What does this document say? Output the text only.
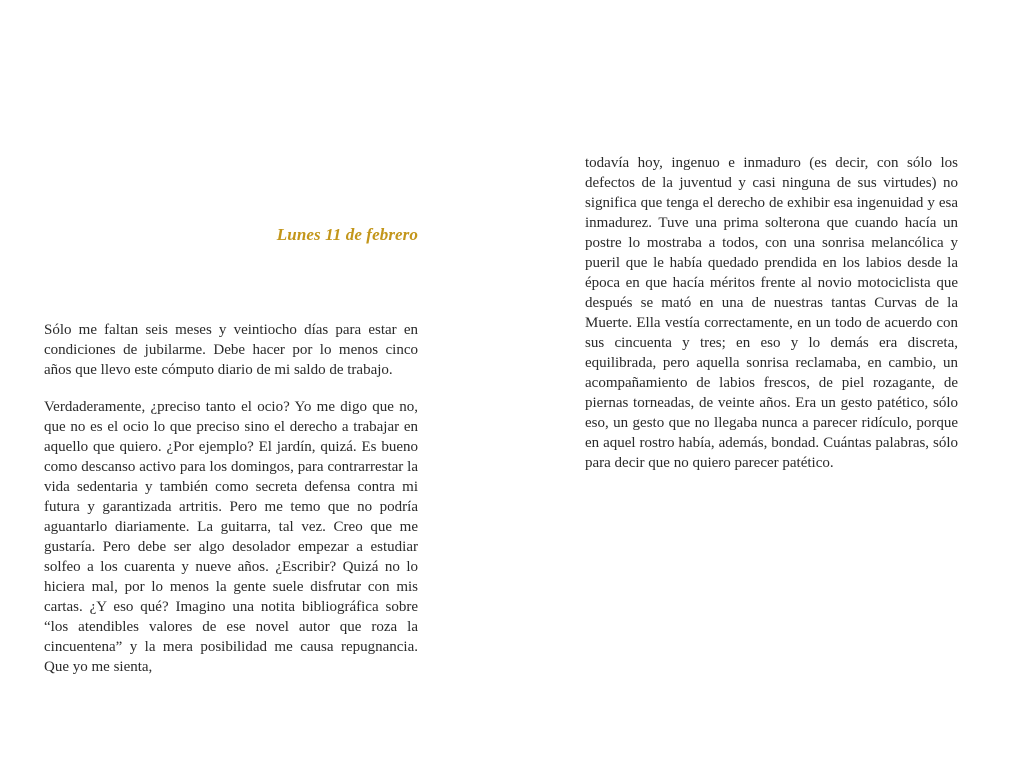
Lunes 11 de febrero

Sólo me faltan seis meses y veintiocho días para estar en condiciones de jubilarme. Debe hacer por lo menos cinco años que llevo este cómputo diario de mi saldo de trabajo.

Verdaderamente, ¿preciso tanto el ocio? Yo me digo que no, que no es el ocio lo que preciso sino el derecho a trabajar en aquello que quiero. ¿Por ejemplo? El jardín, quizá. Es bueno como descanso activo para los domingos, para contrarrestar la vida sedentaria y también como secreta defensa contra mi futura y garantizada artritis. Pero me temo que no podría aguantarlo diariamente. La guitarra, tal vez. Creo que me gustaría. Pero debe ser algo desolador empezar a estudiar solfeo a los cuarenta y nueve años. ¿Escribir? Quizá no lo hiciera mal, por lo menos la gente suele disfrutar con mis cartas. ¿Y eso qué? Imagino una notita bibliográfica sobre “los atendibles valores de ese novel autor que roza la cincuentena” y la mera posibilidad me causa repugnancia. Que yo me sienta,

todavía hoy, ingenuo e inmaduro (es decir, con sólo los defectos de la juventud y casi ninguna de sus virtudes) no significa que tenga el derecho de exhibir esa ingenuidad y esa inmadurez. Tuve una prima solterona que cuando hacía un postre lo mostraba a todos, con una sonrisa melancólica y pueril que le había quedado prendida en los labios desde la época en que hacía méritos frente al novio motociclista que después se mató en una de nuestras tantas Curvas de la Muerte. Ella vestía correctamente, en un todo de acuerdo con sus cincuenta y tres; en eso y lo demás era discreta, equilibrada, pero aquella sonrisa reclamaba, en cambio, un acompañamiento de labios frescos, de piel rozagante, de piernas torneadas, de veinte años. Era un gesto patético, sólo eso, un gesto que no llegaba nunca a parecer ridículo, porque en aquel rostro había, además, bondad. Cuántas palabras, sólo para decir que no quiero parecer patético.
